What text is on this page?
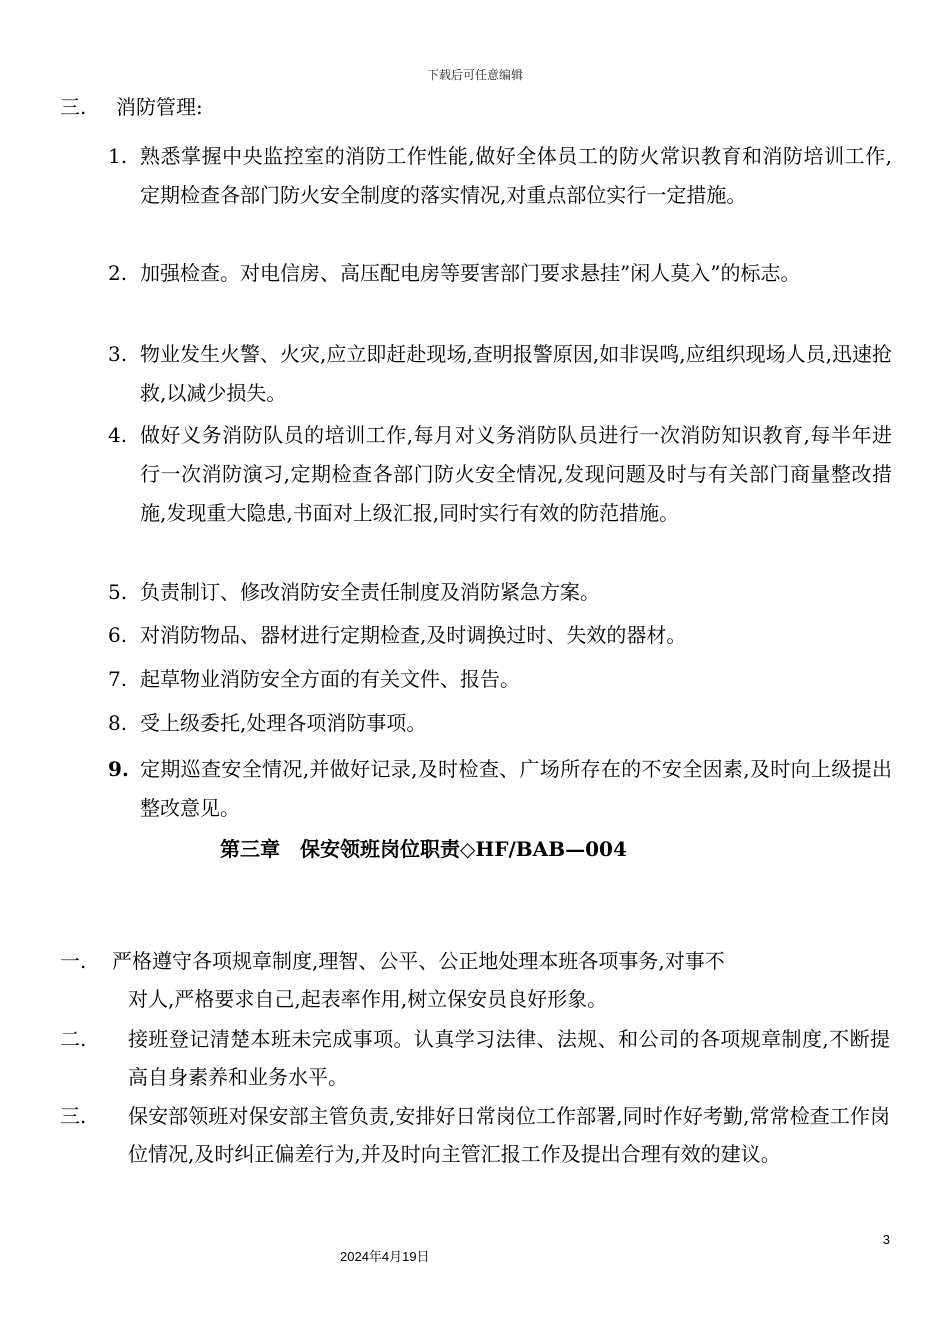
下载后可任意编辑
三. 消防管理:
1. 熟悉掌握中央监控室的消防工作性能,做好全体员工的防火常识教育和消防培训工作,定期检查各部门防火安全制度的落实情况,对重点部位实行一定措施。
2. 加强检查。对电信房、高压配电房等要害部门要求悬挂”闲人莫入”的标志。
3. 物业发生火警、火灾,应立即赶赴现场,查明报警原因,如非误鸣,应组织现场人员,迅速抢救,以减少损失。
4. 做好义务消防队员的培训工作,每月对义务消防队员进行一次消防知识教育,每半年进行一次消防演习,定期检查各部门防火安全情况,发现问题及时与有关部门商量整改措施,发现重大隐患,书面对上级汇报,同时实行有效的防范措施。
5. 负责制订、修改消防安全责任制度及消防紧急方案。
6. 对消防物品、器材进行定期检查,及时调换过时、失效的器材。
7. 起草物业消防安全方面的有关文件、报告。
8. 受上级委托,处理各项消防事项。
9. 定期巡查安全情况,并做好记录,及时检查、广场所存在的不安全因素,及时向上级提出整改意见。
第三章　保安领班岗位职责◇HF/BAB—004
一. 严格遵守各项规章制度,理智、公平、公正地处理本班各项事务,对事不
对人,严格要求自己,起表率作用,树立保安员良好形象。
二. 接班登记清楚本班未完成事项。认真学习法律、法规、和公司的各项规章制度,不断提高自身素养和业务水平。
三. 保安部领班对保安部主管负责,安排好日常岗位工作部署,同时作好考勤,常常检查工作岗位情况,及时纠正偏差行为,并及时向主管汇报工作及提出合理有效的建议。
3
2024年4月19日
